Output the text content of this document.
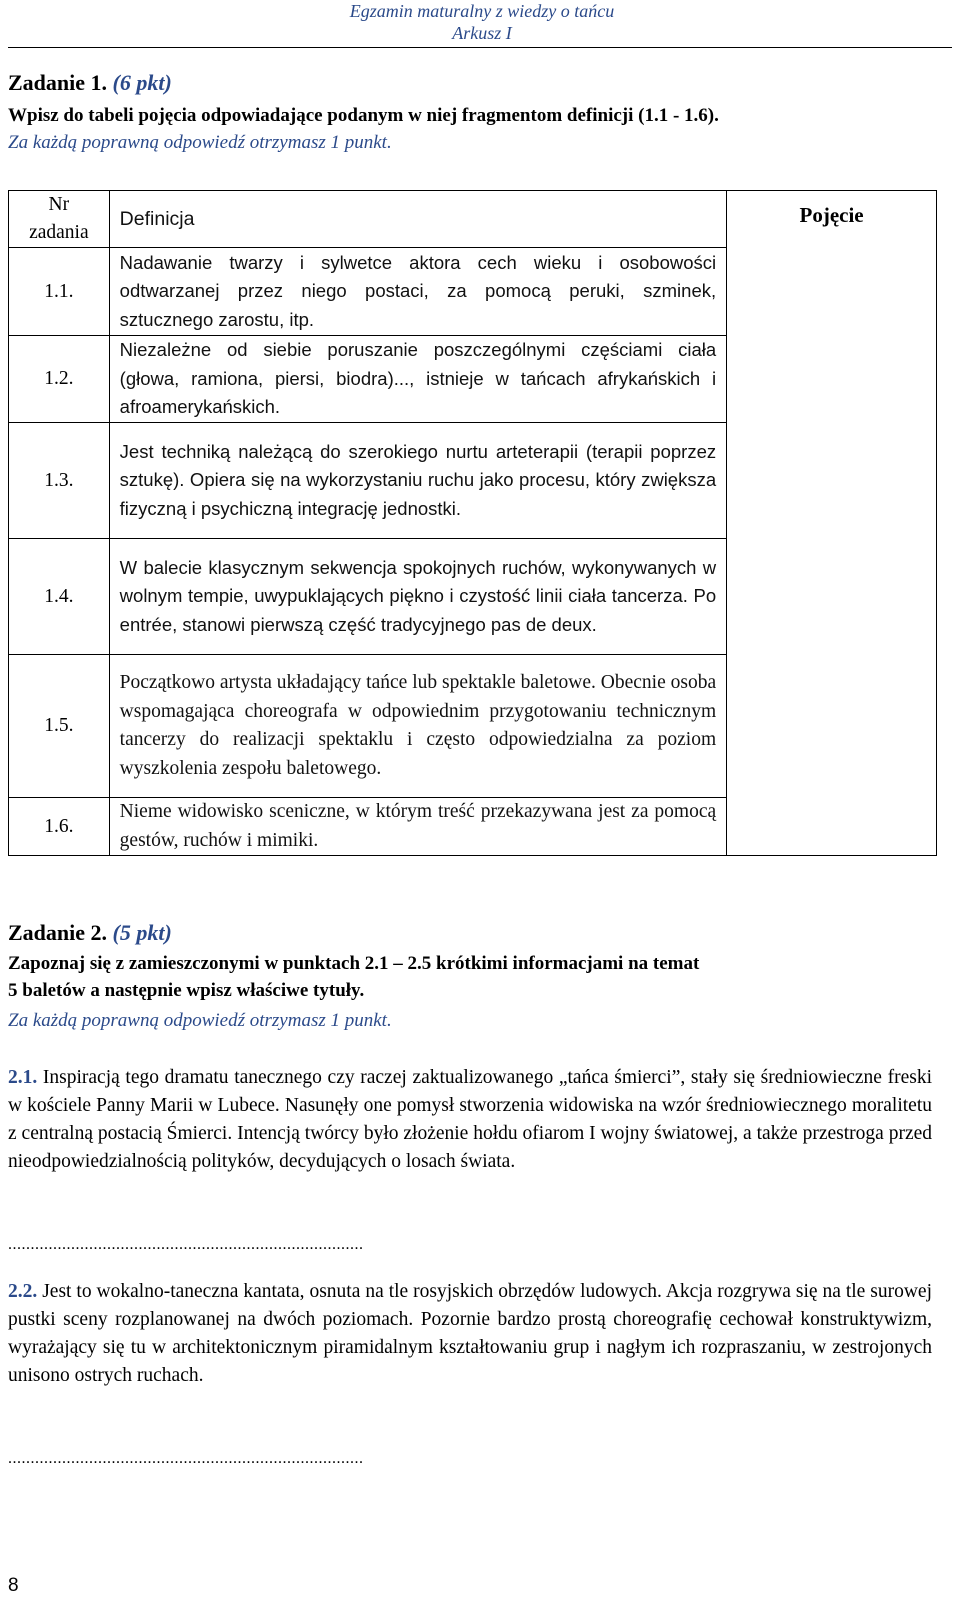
Egzamin maturalny z wiedzy o tańcu
Arkusz I
Zadanie 1. (6 pkt)
Wpisz do tabeli pojęcia odpowiadające podanym w niej fragmentom definicji (1.1 - 1.6).
Za każdą poprawną odpowiedź otrzymasz 1 punkt.
Nr
zadania	Definicja	Pojęcie
1.1.	Nadawanie twarzy i sylwetce aktora cech wieku i osobowości odtwarzanej przez niego postaci, za pomocą peruki, szminek, sztucznego zarostu, itp.	
1.2.	Niezależne od siebie poruszanie poszczególnymi częściami ciała (głowa, ramiona, piersi, biodra)..., istnieje w tańcach afrykańskich i afroamerykańskich.	
1.3.	Jest techniką należącą do szerokiego nurtu arteterapii (terapii poprzez sztukę). Opiera się na wykorzystaniu ruchu jako procesu, który zwiększa fizyczną i psychiczną integrację jednostki.	
1.4.	W balecie klasycznym sekwencja spokojnych ruchów, wykonywanych w wolnym tempie, uwypuklających piękno i czystość linii ciała tancerza. Po entrée, stanowi pierwszą część tradycyjnego pas de deux.	
1.5.	Początkowo artysta układający tańce lub spektakle baletowe. Obecnie osoba wspomagająca choreografa w odpowiednim przygotowaniu technicznym tancerzy do realizacji spektaklu i często odpowiedzialna za poziom wyszkolenia zespołu baletowego.	
1.6.	Nieme widowisko sceniczne, w którym treść przekazywana jest za pomocą gestów, ruchów i mimiki.	
Zadanie 2. (5 pkt)
Zapoznaj się z zamieszczonymi w punktach 2.1 – 2.5 krótkimi informacjami na temat
5 baletów a następnie wpisz właściwe tytuły.
Za każdą poprawną odpowiedź otrzymasz 1 punkt.
2.1. Inspiracją tego dramatu tanecznego czy raczej zaktualizowanego „tańca śmierci”, stały się średniowieczne freski w kościele Panny Marii w Lubece. Nasunęły one pomysł stworzenia widowiska na wzór średniowiecznego moralitetu z centralną postacią Śmierci. Intencją twórcy było złożenie hołdu ofiarom I wojny światowej, a także przestroga przed nieodpowiedzialnością polityków, decydujących o losach świata.
...............................................................................
2.2. Jest to wokalno-taneczna kantata, osnuta na tle rosyjskich obrzędów ludowych. Akcja rozgrywa się na tle surowej pustki sceny rozplanowanej na dwóch poziomach. Pozornie bardzo prostą choreografię cechował konstruktywizm, wyrażający się tu w architektonicznym piramidalnym kształtowaniu grup i nagłym ich rozpraszaniu, w zestrojonych unisono ostrych ruchach.
...............................................................................
8
